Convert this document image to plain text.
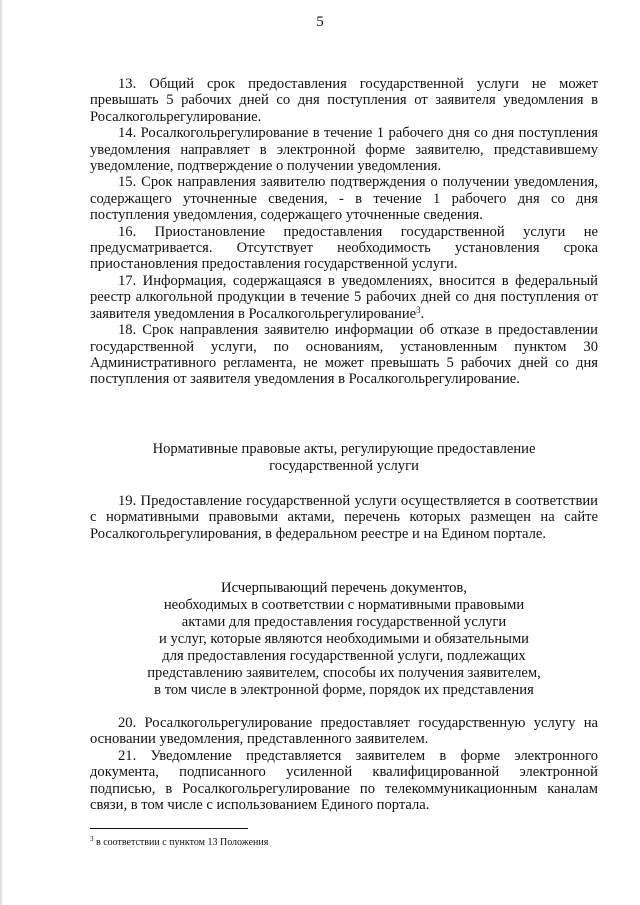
5

13. Общий срок предоставления государственной услуги не может превышать 5 рабочих дней со дня поступления от заявителя уведомления в Росалкогольрегулирование.

14. Росалкогольрегулирование в течение 1 рабочего дня со дня поступления уведомления направляет в электронной форме заявителю, представившему уведомление, подтверждение о получении уведомления.

15. Срок направления заявителю подтверждения о получении уведомления, содержащего уточненные сведения, - в течение 1 рабочего дня со дня поступления уведомления, содержащего уточненные сведения.

16. Приостановление предоставления государственной услуги не предусматривается. Отсутствует необходимость установления срока приостановления предоставления государственной услуги.

17. Информация, содержащаяся в уведомлениях, вносится в федеральный реестр алкогольной продукции в течение 5 рабочих дней со дня поступления от заявителя уведомления в Росалкогольрегулирование$^3$.

18. Срок направления заявителю информации об отказе в предоставлении государственной услуги, по основаниям, установленным пунктом 30 Административного регламента, не может превышать 5 рабочих дней со дня поступления от заявителя уведомления в Росалкогольрегулирование.

Нормативные правовые акты, регулирующие предоставление
государственной услуги

19. Предоставление государственной услуги осуществляется в соответствии с нормативными правовыми актами, перечень которых размещен на сайте Росалкогольрегулирования, в федеральном реестре и на Едином портале.

Исчерпывающий перечень документов,
необходимых в соответствии с нормативными правовыми
актами для предоставления государственной услуги
и услуг, которые являются необходимыми и обязательными
для предоставления государственной услуги, подлежащих
представлению заявителем, способы их получения заявителем,
в том числе в электронной форме, порядок их представления

20. Росалкогольрегулирование предоставляет государственную услугу на основании уведомления, представленного заявителем.

21. Уведомление представляется заявителем в форме электронного документа, подписанного усиленной квалифицированной электронной подписью, в Росалкогольрегулирование по телекоммуникационным каналам связи, в том числе с использованием Единого портала.

$^3$ в соответствии с пунктом 13 Положения
